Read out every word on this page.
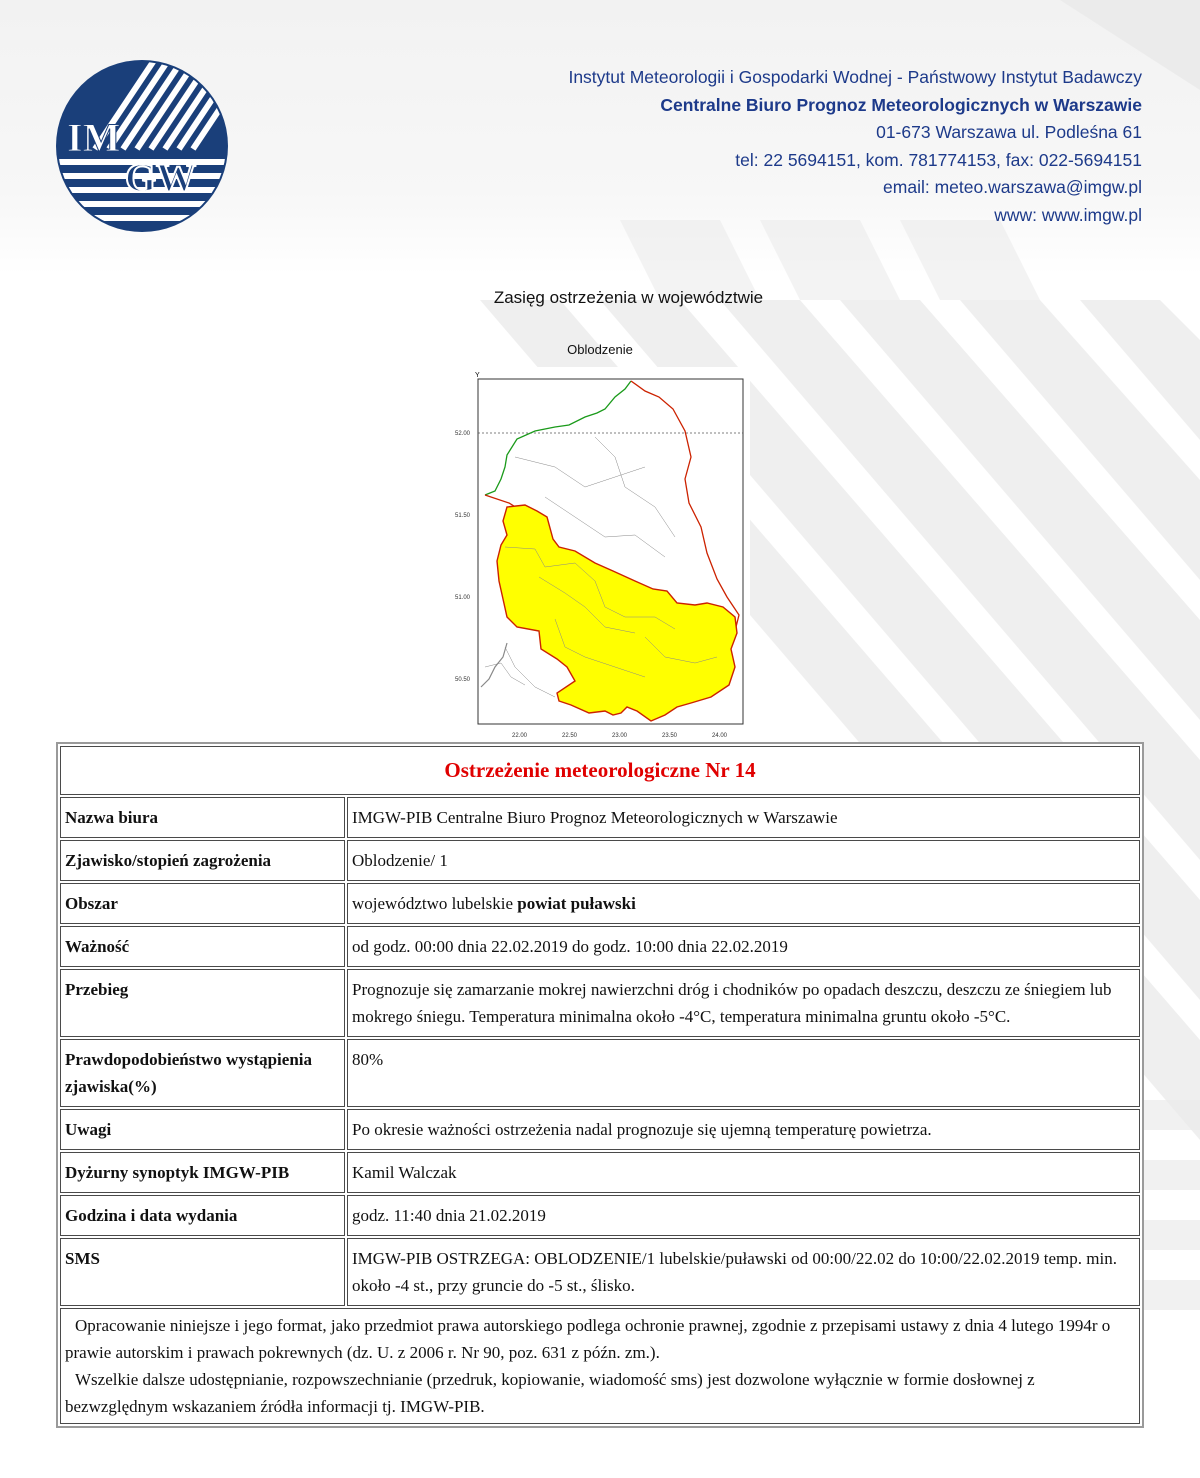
IM
GW
Instytut Meteorologii i Gospodarki Wodnej - Państwowy Instytut Badawczy
Centralne Biuro Prognoz Meteorologicznych w Warszawie
01-673 Warszawa ul. Podleśna 61
tel: 22 5694151, kom. 781774153, fax: 022-5694151
email: meteo.warszawa@imgw.pl
www: www.imgw.pl
Zasięg ostrzeżenia w województwie
Oblodzenie
Y
52.00
51.50
51.00
50.50
22.00	22.50	23.00	23.50	24.00
Ostrzeżenie meteorologiczne Nr 14	
Nazwa biura	IMGW-PIB Centralne Biuro Prognoz Meteorologicznych w Warszawie
Zjawisko/stopień zagrożenia	Oblodzenie/ 1
Obszar	województwo lubelskie powiat puławski
Ważność	od godz. 00:00 dnia 22.02.2019 do godz. 10:00 dnia 22.02.2019
Przebieg	Prognozuje się zamarzanie mokrej nawierzchni dróg i chodników po opadach deszczu, deszczu ze śniegiem lub mokrego śniegu. Temperatura minimalna około -4°C, temperatura minimalna gruntu około -5°C.
Prawdopodobieństwo wystąpienia zjawiska(%)	80%
Uwagi	Po okresie ważności ostrzeżenia nadal prognozuje się ujemną temperaturę powietrza.
Dyżurny synoptyk IMGW-PIB	Kamil Walczak
Godzina i data wydania	godz. 11:40 dnia 21.02.2019
SMS	IMGW-PIB OSTRZEGA: OBLODZENIE/1 lubelskie/puławski od 00:00/22.02 do 10:00/22.02.2019 temp. min. około -4 st., przy gruncie do -5 st., ślisko.

Opracowanie niniejsze i jego format, jako przedmiot prawa autorskiego podlega ochronie prawnej, zgodnie z przepisami ustawy z dnia 4 lutego 1994r o prawie autorskim i prawach pokrewnych (dz. U. z 2006 r. Nr 90, poz. 631 z późn. zm.).

Wszelkie dalsze udostępnianie, rozpowszechnianie (przedruk, kopiowanie, wiadomość sms) jest dozwolone wyłącznie w formie dosłownej z bezwzględnym wskazaniem źródła informacji tj. IMGW-PIB.	
